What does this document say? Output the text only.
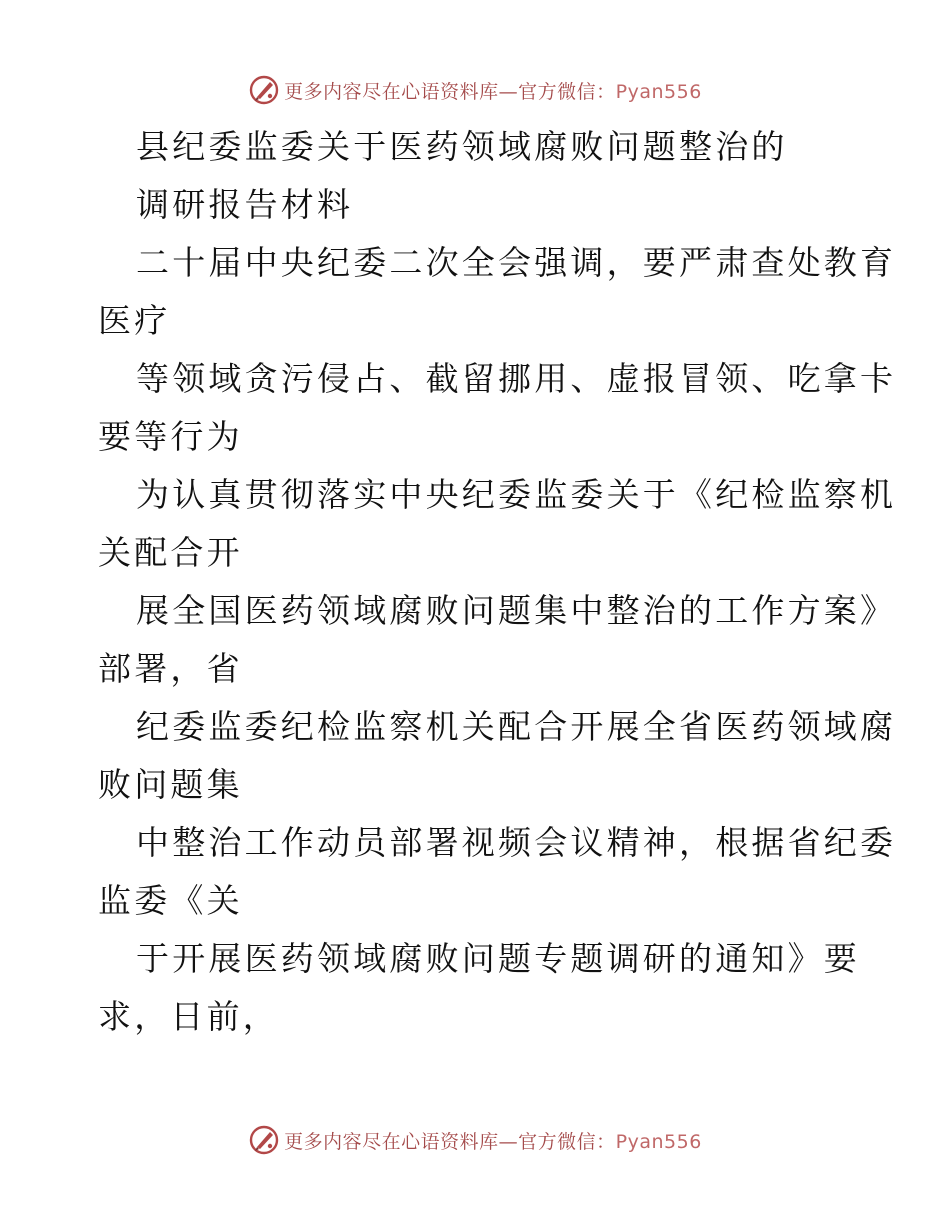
更多内容尽在心语资料库—官方微信：Pyan556
县纪委监委关于医药领域腐败问题整治的
调研报告材料
二十届中央纪委二次全会强调，要严肃查处教育
医疗
等领域贪污侵占、截留挪用、虚报冒领、吃拿卡
要等行为
为认真贯彻落实中央纪委监委关于《纪检监察机
关配合开
展全国医药领域腐败问题集中整治的工作方案》
部署，省
纪委监委纪检监察机关配合开展全省医药领域腐
败问题集
中整治工作动员部署视频会议精神，根据省纪委
监委《关
于开展医药领域腐败问题专题调研的通知》要
求，日前，
更多内容尽在心语资料库—官方微信：Pyan556
